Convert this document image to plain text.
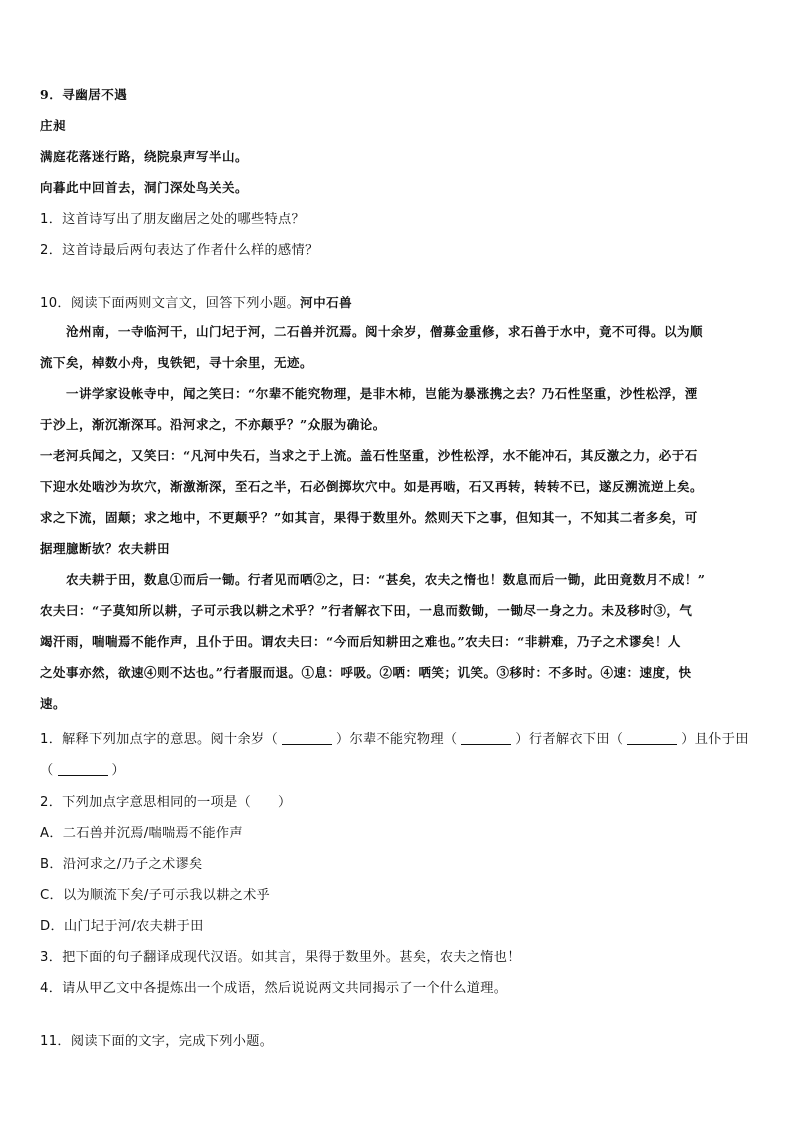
9．寻幽居不遇
庄昶
满庭花落迷行路，绕院泉声写半山。
向暮此中回首去，洞门深处鸟关关。
1．这首诗写出了朋友幽居之处的哪些特点？
2．这首诗最后两句表达了作者什么样的感情？
10．阅读下面两则文言文，回答下列小题。河中石兽
沧州南，一寺临河干，山门圮于河，二石兽并沉焉。阅十余岁，僧募金重修，求石兽于水中，竟不可得。以为顺
流下矣，棹数小舟，曳铁钯，寻十余里，无迹。
一讲学家设帐寺中，闻之笑曰：“尔辈不能究物理，是非木杮，岂能为暴涨携之去？乃石性坚重，沙性松浮，湮
于沙上，渐沉渐深耳。沿河求之，不亦颠乎？”众服为确论。
一老河兵闻之，又笑曰：“凡河中失石，当求之于上流。盖石性坚重，沙性松浮，水不能冲石，其反激之力，必于石
下迎水处啮沙为坎穴，渐激渐深，至石之半，石必倒掷坎穴中。如是再啮，石又再转，转转不已，遂反溯流逆上矣。
求之下流，固颠；求之地中，不更颠乎？”如其言，果得于数里外。然则天下之事，但知其一，不知其二者多矣，可
据理臆断欤？农夫耕田
农夫耕于田，数息①而后一锄。行者见而哂②之，曰：“甚矣，农夫之惰也！数息而后一锄，此田竟数月不成！”
农夫曰：“子莫知所以耕，子可示我以耕之术乎？”行者解衣下田，一息而数锄，一锄尽一身之力。未及移时③，气
竭汗雨，喘喘焉不能作声，且仆于田。谓农夫曰：“今而后知耕田之难也。”农夫曰：“非耕难，乃子之术谬矣！人
之处事亦然，欲速④则不达也。”行者服而退。①息：呼吸。②哂：哂笑；讥笑。③移时：不多时。④速：速度，快
速。
1．解释下列加点字的意思。阅十余岁（	）尔辈不能究物理（	）行者解衣下田（	）且仆于田
（	）
2．下列加点字意思相同的一项是（　　）
A．二石兽并沉焉/喘喘焉不能作声
B．沿河求之/乃子之术谬矣
C．以为顺流下矣/子可示我以耕之术乎
D．山门圮于河/农夫耕于田
3．把下面的句子翻译成现代汉语。如其言，果得于数里外。甚矣，农夫之惰也！
4．请从甲乙文中各提炼出一个成语，然后说说两文共同揭示了一个什么道理。
11．阅读下面的文字，完成下列小题。
